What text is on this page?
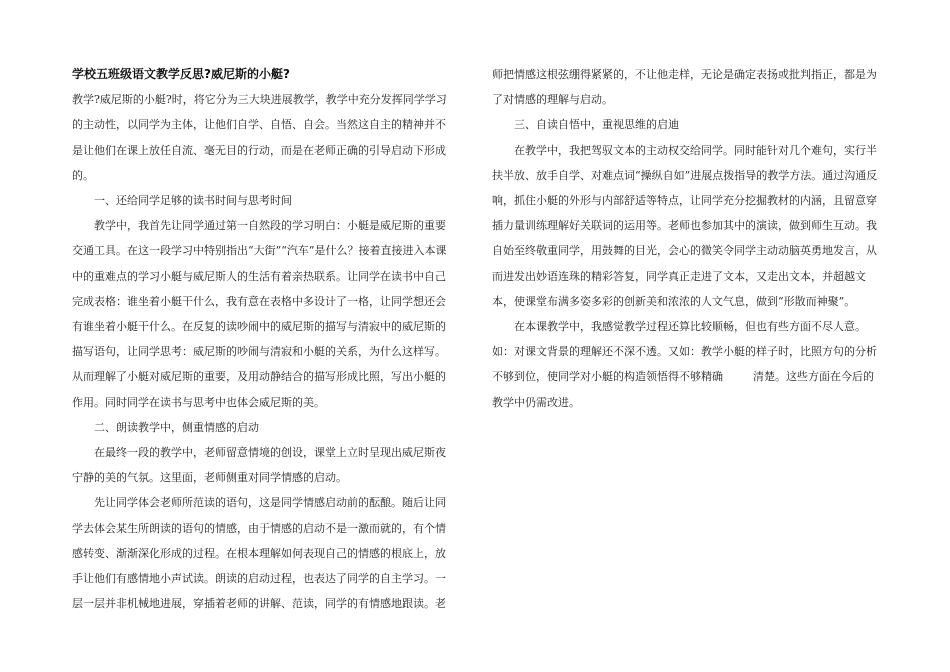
学校五班级语文教学反思?威尼斯的小艇?

教学?威尼斯的小艇?时，将它分为三大块进展教学，教学中充分发挥同学学习的主动性，以同学为主体，让他们自学、自悟、自会。当然这自主的精神并不是让他们在课上放任自流、毫无目的行动，而是在老师正确的引导启动下形成的。

一、还给同学足够的读书时间与思考时间

教学中，我首先让同学通过第一自然段的学习明白：小艇是威尼斯的重要交通工具。在这一段学习中特别指出“大街”“汽车”是什么？接着直接进入本课中的重难点的学习小艇与威尼斯人的生活有着亲热联系。让同学在读书中自己完成表格：谁坐着小艇干什么，我有意在表格中多设计了一格，让同学想还会有谁坐着小艇干什么。在反复的读吵闹中的威尼斯的描写与清寂中的威尼斯的描写语句，让同学思考：威尼斯的吵闹与清寂和小艇的关系，为什么这样写。从而理解了小艇对威尼斯的重要，及用动静结合的描写形成比照，写出小艇的作用。同时同学在读书与思考中也体会威尼斯的美。

二、朗读教学中，侧重情感的启动

在最终一段的教学中，老师留意情境的创设，课堂上立时呈现出威尼斯夜宁静的美的气氛。这里面，老师侧重对同学情感的启动。

先让同学体会老师所范读的语句，这是同学情感启动前的酝酿。随后让同学去体会某生所朗读的语句的情感，由于情感的启动不是一激而就的，有个情感转变、渐渐深化形成的过程。在根本理解如何表现自己的情感的根底上，放手让他们有感情地小声试读。朗读的启动过程，也表达了同学的自主学习。一层一层并非机械地进展，穿插着老师的讲解、范读，同学的有情感地跟读。老

师把情感这根弦绷得紧紧的，不让他走样，无论是确定表扬或批判指正，都是为了对情感的理解与启动。

三、自读自悟中，重视思维的启迪

在教学中，我把驾驭文本的主动权交给同学。同时能针对几个难句，实行半扶半放、放手自学、对难点词“操纵自如”进展点拨指导的教学方法。通过沟通反响，抓住小艇的外形与内部舒适等特点，让同学充分挖掘教材的内涵，且留意穿插力量训练理解好关联词的运用等。老师也参加其中的演读，做到师生互动。我自始至终敬重同学，用鼓舞的目光，会心的微笑令同学主动动脑英勇地发言，从而进发出妙语连珠的精彩答复，同学真正走进了文本，又走出文本，并超越文本，使课堂布满多姿多彩的创新美和浓浓的人文气息，做到“形散而神聚”。

在本课教学中，我感觉教学过程还算比较顺畅，但也有些方面不尽人意。如：对课文背景的理解还不深不透。又如：教学小艇的样子时，比照方句的分析不够到位，使同学对小艇的构造领悟得不够精确	清楚。这些方面在今后的教学中仍需改进。
